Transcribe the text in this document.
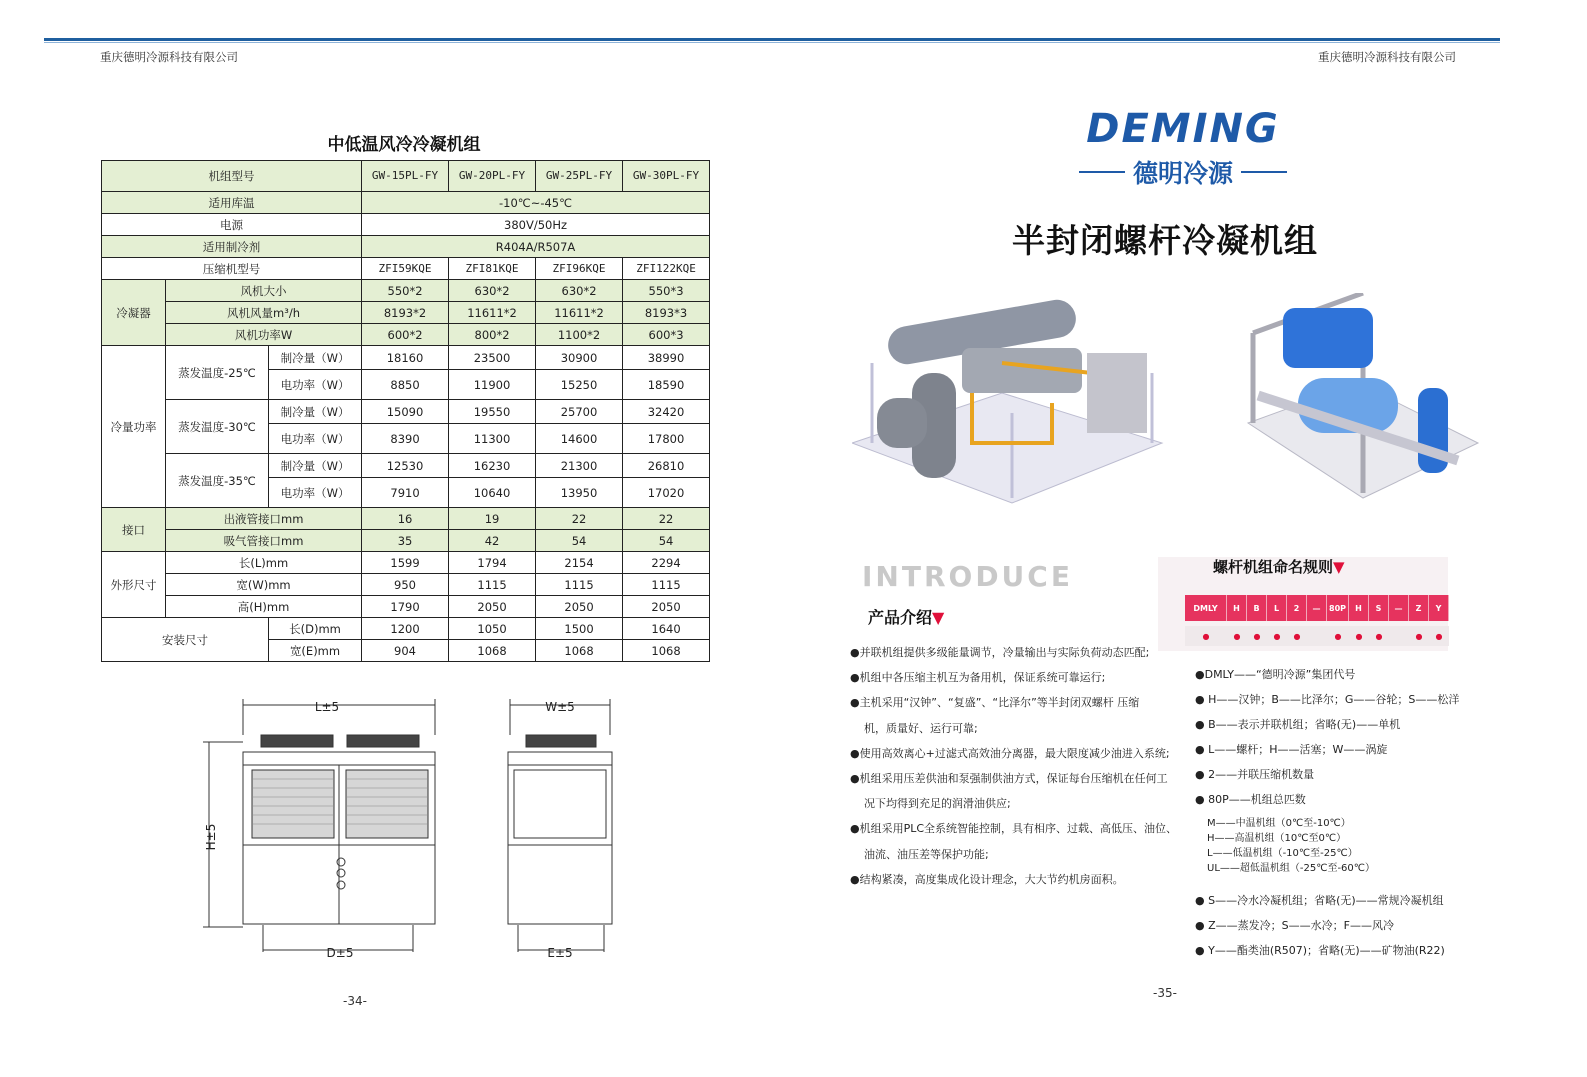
重庆德明冷源科技有限公司	重庆德明冷源科技有限公司
中低温风冷冷凝机组
机组型号			GW-15PL-FY	GW-20PL-FY	GW-25PL-FY	GW-30PL-FY
适用库温			-10℃~-45℃			
电源			380V/50Hz			
适用制冷剂			R404A/R507A			
压缩机型号			ZFI59KQE	ZFI81KQE	ZFI96KQE	ZFI122KQE
冷凝器	风机大小		550*2	630*2	630*2	550*3
	风机风量m³/h		8193*2	11611*2	11611*2	8193*3
	风机功率W		600*2	800*2	1100*2	600*3
冷量功率	蒸发温度-25℃	制冷量（W）	18160	23500	30900	38990
		电功率（W）	8850	11900	15250	18590
	蒸发温度-30℃	制冷量（W）	15090	19550	25700	32420
		电功率（W）	8390	11300	14600	17800
	蒸发温度-35℃	制冷量（W）	12530	16230	21300	26810
		电功率（W）	7910	10640	13950	17020
接口	出液管接口mm		16	19	22	22
	吸气管接口mm		35	42	54	54
外形尺寸	长(L)mm		1599	1794	2154	2294
	宽(W)mm		950	1115	1115	1115
	高(H)mm		1790	2050	2050	2050
安装尺寸		长(D)mm	1200	1050	1500	1640
		宽(E)mm	904	1068	1068	1068
L±5
H±5
D±5
W±5
E±5
-34-
DEMING
德明冷源
半封闭螺杆冷凝机组
INTRODUCE
产品介绍▼
●并联机组提供多级能量调节，冷量输出与实际负荷动态匹配;
●机组中各压缩主机互为备用机，保证系统可靠运行;
●主机采用“汉钟”、“复盛”、“比泽尔”等半封闭双螺杆 压缩
机，质量好、运行可靠;
●使用高效离心+过滤式高效油分离器，最大限度减少油进入系统;
●机组采用压差供油和泵强制供油方式，保证每台压缩机在任何工
况下均得到充足的润滑油供应;
●机组采用PLC全系统智能控制，具有相序、过载、高低压、油位、
油流、油压差等保护功能;
●结构紧凑，高度集成化设计理念，大大节约机房面积。
螺杆机组命名规则▼
DMLY	H	B	L	2	—	80P	H	S	—	Z	Y
●	●	●	●	●	●	●	●	●	●
●DMLY——“德明冷源”集团代号
● H——汉钟；B——比泽尔；G——谷轮；S——松洋
● B——表示并联机组；省略(无)——单机
● L——螺杆；H——活塞；W——涡旋
● 2——并联压缩机数量
● 80P——机组总匹数
M——中温机组（0℃至-10℃）
H——高温机组（10℃至0℃）
L——低温机组（-10℃至-25℃）
UL——超低温机组（-25℃至-60℃）
● S——冷水冷凝机组；省略(无)——常规冷凝机组
● Z——蒸发冷；S——水冷；F——风冷
● Y——酯类油(R507)；省略(无)——矿物油(R22)
-35-
